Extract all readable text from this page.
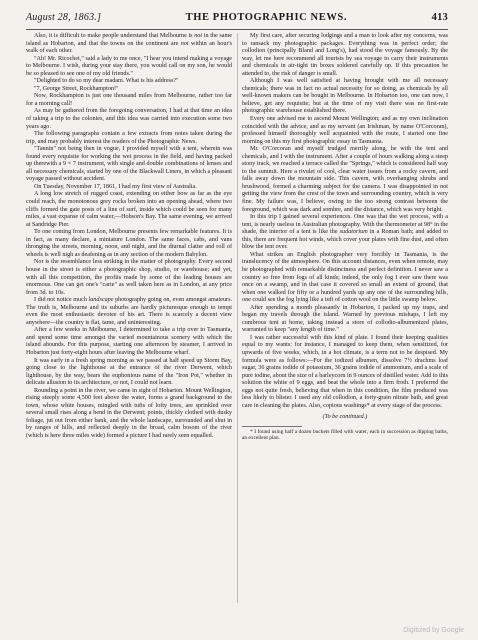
August 28, 1863.]	THE PHOTOGRAPHIC NEWS.	413

Also, it is difficult to make people understand that Melbourne is not in the same island as Hobarton, and that the towns on the continent are not within an hour's walk of each other.

"Ah! Mr. Ricochet," said a lady to me once, "I hear you intend making a voyage to Melbourne. I wish, during your stay there, you would call on my son, he would be so pleased to see one of my old friends."

"Delighted to do so my dear madam. What is his address?"

"7, George Street, Rockhampton!"

Now, Rockhampton is just one thousand miles from Melbourne, rather too far for a morning call!

As may be gathered from the foregoing conversation, I had at that time an idea of taking a trip to the colonies, and this idea was carried into execution some two years ago.

The following paragraphs contain a few extracts from notes taken during the trip, and may probably interest the readers of the Photographic News.

"Tannin" not being then in vogue, I provided myself with a tent, wherein was found every requisite for working the wet process in the field, and having packed up therewith a 9 × 7 instrument, with single and double combinations of lenses and all necessary chemicals, started by one of the Blackwall Liners, in which a pleasant voyage passed without accident.

On Tuesday, November 17, 1861, I had my first view of Australia.

A long low stretch of rugged coast, extending on either bow as far as the eye could reach, the monotonous grey rocks broken into an opening ahead, where two cliffs formed the gate posts of a line of surf, inside which could be seen for many miles, a vast expanse of calm water,—Hobson's Bay. The same evening, we arrived at Sandridge Pier.

To one coming from London, Melbourne presents few remarkable features. It is in fact, as many declare, a miniature London. The same faces, cabs, and vans thronging the streets, morning, noon, and night, and the diurnal clatter and roll of wheels is well nigh as deafening as in any section of the modern Babylon.

Nor is the resemblance less striking in the matter of photography. Every second house in the street is either a photographic shop, studio, or warehouse; and yet, with all this competition, the profits made by some of the leading houses are enormous. One can get one's "carte" as well taken here as in London, at any price from 3d. to 10s.

I did not notice much landscape photography going on, even amongst amateurs. The truth is, Melbourne and its suburbs are hardly picturesque enough to tempt even the most enthusiastic devotee of his art. There is scarcely a decent view anywhere—the country is flat, tame, and uninteresting.

After a few weeks in Melbourne, I determined to take a trip over to Tasmania, and spend some time amongst the varied mountainous scenery with which the island abounds. For this purpose, starting one afternoon by steamer, I arrived in Hobarton just forty-eight hours after leaving the Melbourne wharf.

It was early in a fresh spring morning as we passed at half speed up Storm Bay, going close to the lighthouse at the entrance of the river Derwent, which lighthouse, by the way, bears the euphonious name of the "Iron Pot," whether in delicate allusion to its architecture, or not, I could not learn.

Rounding a point in the river, we came in sight of Hobarton. Mount Wellington, rising steeply some 4,500 feet above the water, forms a grand background to the town, whose white houses, mingled with tufts of lofty trees, are sprinkled over several small rises along a bend in the Derwent; points, thickly clothed with dusky foliage, jut out from either bank, and the whole landscape, surrounded and shut in by ranges of hills, and reflected deeply in the broad, calm bosom of the river (which is here three miles wide) formed a picture I had rarely seen equalled.

My first care, after securing lodgings and a man to look after my concerns, was to ransack my photographic packages. Everything was in perfect order; the collodion (principally Bland and Long's), had stood the voyage famously. By the way, let me here recommend all tourists by sea voyage to carry their instruments and chemicals in air-tight tin boxes soldered carefully up. If this precaution be attended to, the risk of danger is small.

Although I was well satisfied at having brought with me all necessary chemicals; there was in fact no actual necessity for so doing, as chemicals by all well-known makers can be bought in Melbourne. In Hobarton too, one can now, I believe, get any requisite; but at the time of my visit there was no first-rate photographic warehouse established there.

Every one advised me to ascend Mount Wellington; and as my own inclination coincided with the advice, and as my servant (an Irishman, by name O'Corcoran), professed himself thoroughly well acquainted with the route, I started one fine morning on this my first photographic essay in Tasmania.

Mr. O'Corcoran and myself trudged merrily along, he with the tent and chemicals, and I with the instrument. After a couple of hours walking along a steep stony track, we reached a terrace called the "Springs," which is considered half way to the summit. Here a rivulet of cool, clear water issues from a rocky cavern, and falls away down the mountain side. This cavern, with overhanging shrubs and brushwood, formed a charming subject for the camera. I was disappointed in not getting the view from the crest of the town and surrounding country, which is very fine. My failure was, I believe, owing to the too strong contrast between the foreground, which was dark and sombre, and the distance, which was very bright.

In this trip I gained several experiences. One was that the wet process, with a tent, is nearly useless in Australian photography. With the thermometer at 98° in the shade, the interior of a tent is like the sudatorium in a Roman bath; and added to this, there are frequent hot winds, which cover your plates with fine dust, and often blow the tent over.

What strikes an English photographer very forcibly in Tasmania, is the translucency of the atmosphere. On this account distances, even when remote, may be photographed with remarkable distinctness and perfect definition. I never saw a country so free from fogs of all kinds; indeed, the only fog I ever saw there was once on a swamp, and in that case it covered so small an extent of ground, that when one walked for fifty or a hundred yards up any one of the surrounding hills, one could see the fog lying like a tuft of cotton wool on the little swamp below.

After spending a month pleasantly in Hobarton, I packed up my traps, and began my travels through the island. Warned by previous mishaps, I left my cumbrous tent at home, taking instead a store of collodio-albumenized plates, warranted to keep "any length of time."

I was rather successful with this kind of plate. I found their keeping qualities equal to my wants: for instance, I managed to keep them, when sensitized, for upwards of five weeks, which, in a hot climate, is a term not to be despised. My formula were as follows:—For the iodized albumen, dissolve 7½ drachms loaf sugar, 36 grains iodide of potassium, 36 grains iodide of ammonium, and a scale of pure iodine, about the size of a barleycorn in 9 ounces of distilled water. Add to this solution the white of 9 eggs, and beat the whole into a firm froth. I preferred the eggs not quite fresh, believing that when in this condition, the film produced was less likely to blister. I used any old collodion, a forty-grain nitrate bath, and great care in cleaning the plates. Also, copious washings* at every stage of the process.

(To be continued.)

* I found using half a dozen buckets filled with water, each in succession as dipping baths, an excellent plan.

Digitized by Google
